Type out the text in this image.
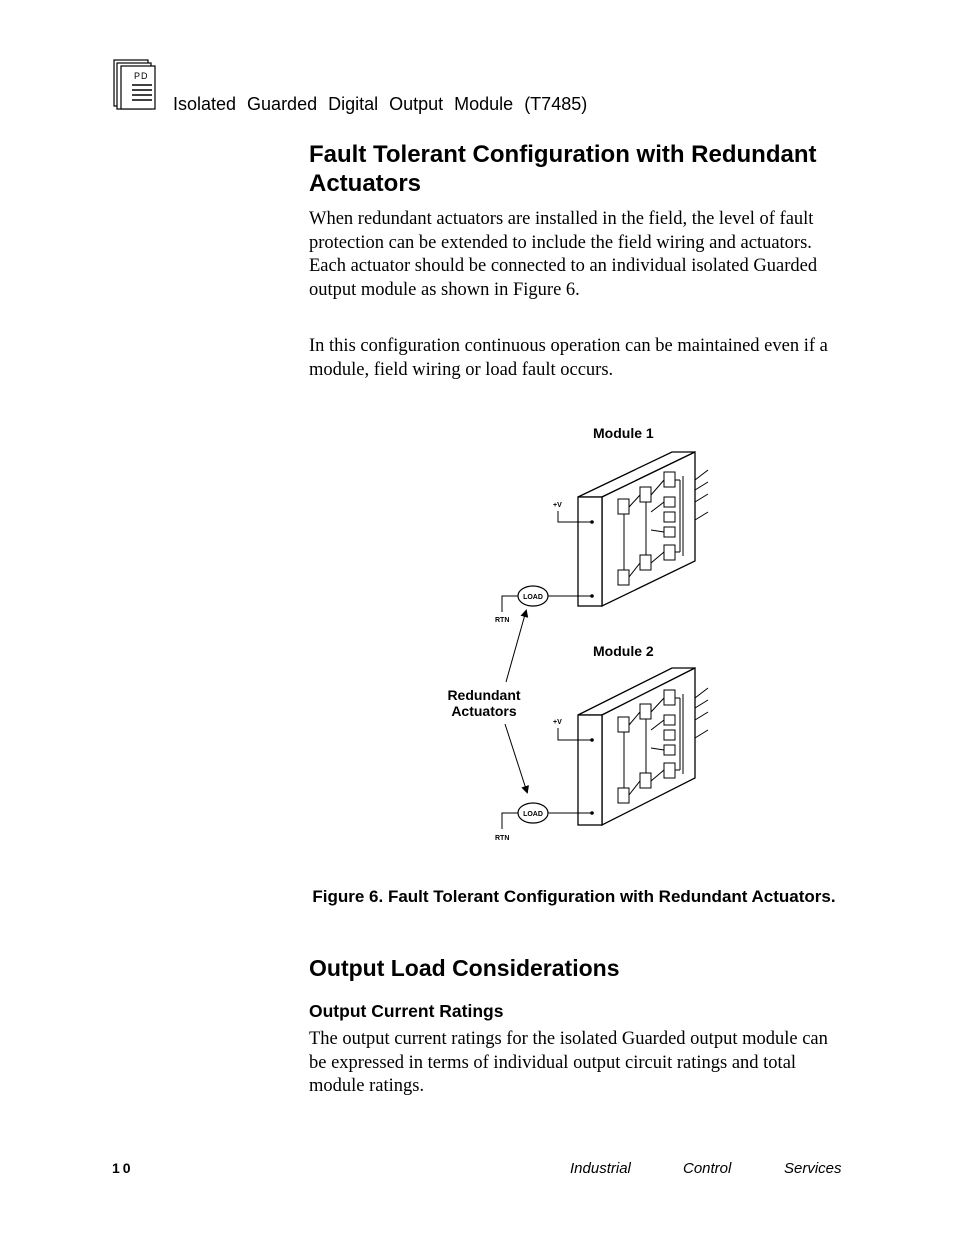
PD
Isolated Guarded Digital Output Module (T7485)
Fault Tolerant Configuration with Redundant Actuators

When redundant actuators are installed in the field, the level of fault protection can be extended to include the field wiring and actuators. Each actuator should be connected to an individual isolated Guarded output module as shown in Figure 6.

In this configuration continuous operation can be maintained even if a module, field wiring or load fault occurs.

Module 1
+V
LOAD
RTN
Module 2
+V
LOAD
RTN
Redundant
Actuators
Figure 6. Fault Tolerant Configuration with Redundant Actuators.
Output Load Considerations
Output Current Ratings

The output current ratings for the isolated Guarded output module can be expressed in terms of individual output circuit ratings and total module ratings.

10	Industrial	Control	Services
